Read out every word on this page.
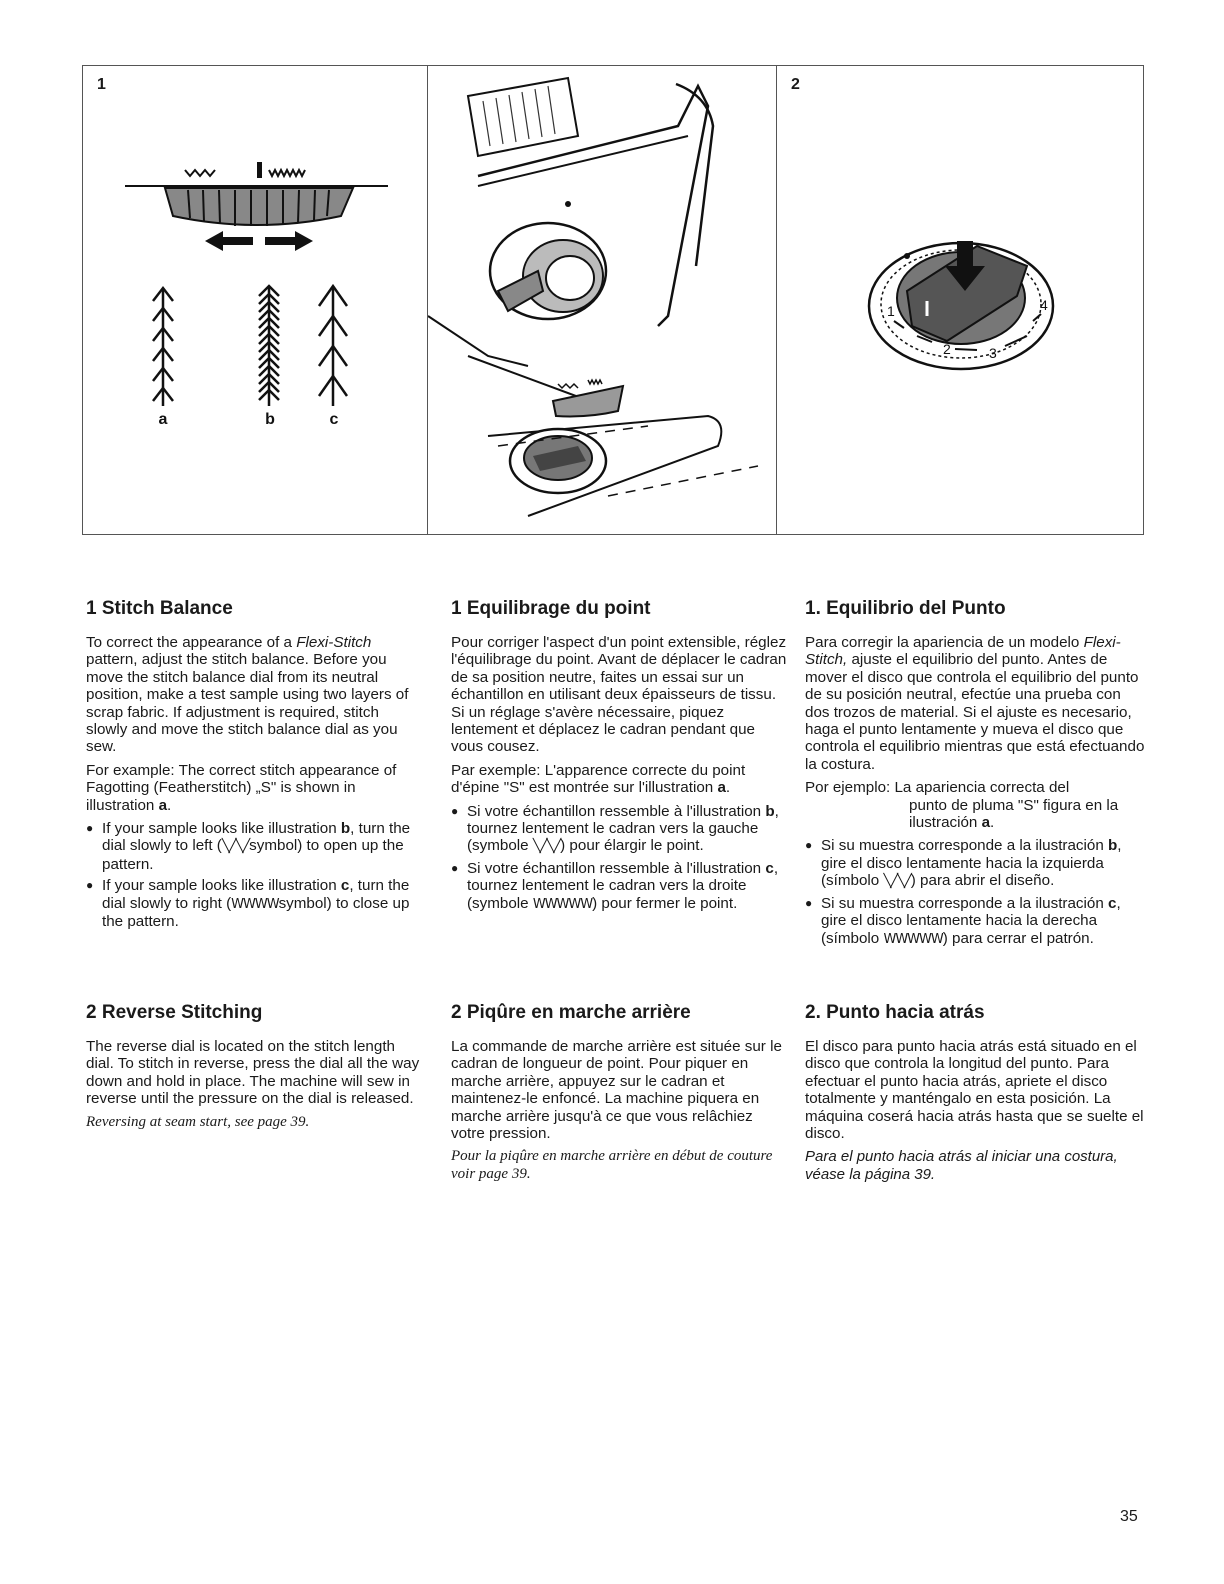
1
a	b	c
2
1
2	3
4
1 Stitch Balance

To correct the appearance of a Flexi-Stitch pattern, adjust the stitch balance. Before you move the stitch balance dial from its neutral position, make a test sample using two layers of scrap fabric. If adjustment is required, stitch slowly and move the stitch balance dial as you sew.

For example: The correct stitch appearance of Fagotting (Featherstitch) „S" is shown in illustration a.

● If your sample looks like illustration b, turn the dial slowly to left (╲╱╲╱symbol) to open up the pattern.
● If your sample looks like illustration c, turn the dial slowly to right (WWWWsymbol) to close up the pattern.
2 Reverse Stitching

The reverse dial is located on the stitch length dial. To stitch in reverse, press the dial all the way down and hold in place. The machine will sew in reverse until the pressure on the dial is released.

Reversing at seam start, see page 39.

1 Equilibrage du point

Pour corriger l'aspect d'un point extensible, réglez l'équilibrage du point. Avant de déplacer le cadran de sa position neutre, faites un essai sur un échantillon en utilisant deux épaisseurs de tissu. Si un réglage s'avère nécessaire, piquez lentement et déplacez le cadran pendant que vous cousez.

Par exemple: L'apparence correcte du point d'épine "S" est montrée sur l'illustration a.

● Si votre échantillon ressemble à l'illustration b, tournez lentement le cadran vers la gauche (symbole ╲╱╲╱) pour élargir le point.
● Si votre échantillon ressemble à l'illustration c, tournez lentement le cadran vers la droite (symbole WWWWW) pour fermer le point.
2 Piqûre en marche arrière

La commande de marche arrière est située sur le cadran de longueur de point. Pour piquer en marche arrière, appuyez sur le cadran et maintenez-le enfoncé. La machine piquera en marche arrière jusqu'à ce que vous relâchiez votre pression.

Pour la piqûre en marche arrière en début de couture voir page 39.

1. Equilibrio del Punto

Para corregir la apariencia de un modelo Flexi-Stitch, ajuste el equilibrio del punto. Antes de mover el disco que controla el equilibrio del punto de su posición neutral, efectúe una prueba con dos trozos de material. Si el ajuste es necesario, haga el punto lentamente y mueva el disco que controla el equilibrio mientras que está efectuando la costura.

Por ejemplo: La apariencia correcta del

punto de pluma "S" figura en la ilustración a.

● Si su muestra corresponde a la ilustración b, gire el disco lentamente hacia la izquierda (símbolo ╲╱╲╱) para abrir el diseño.
● Si su muestra corresponde a la ilustración c, gire el disco lentamente hacia la derecha (símbolo WWWWW) para cerrar el patrón.
2. Punto hacia atrás

El disco para punto hacia atrás está situado en el disco que controla la longitud del punto. Para efectuar el punto hacia atrás, apriete el disco totalmente y manténgalo en esta posición. La máquina coserá hacia atrás hasta que se suelte el disco.

Para el punto hacia atrás al iniciar una costura, véase la página 39.

35
